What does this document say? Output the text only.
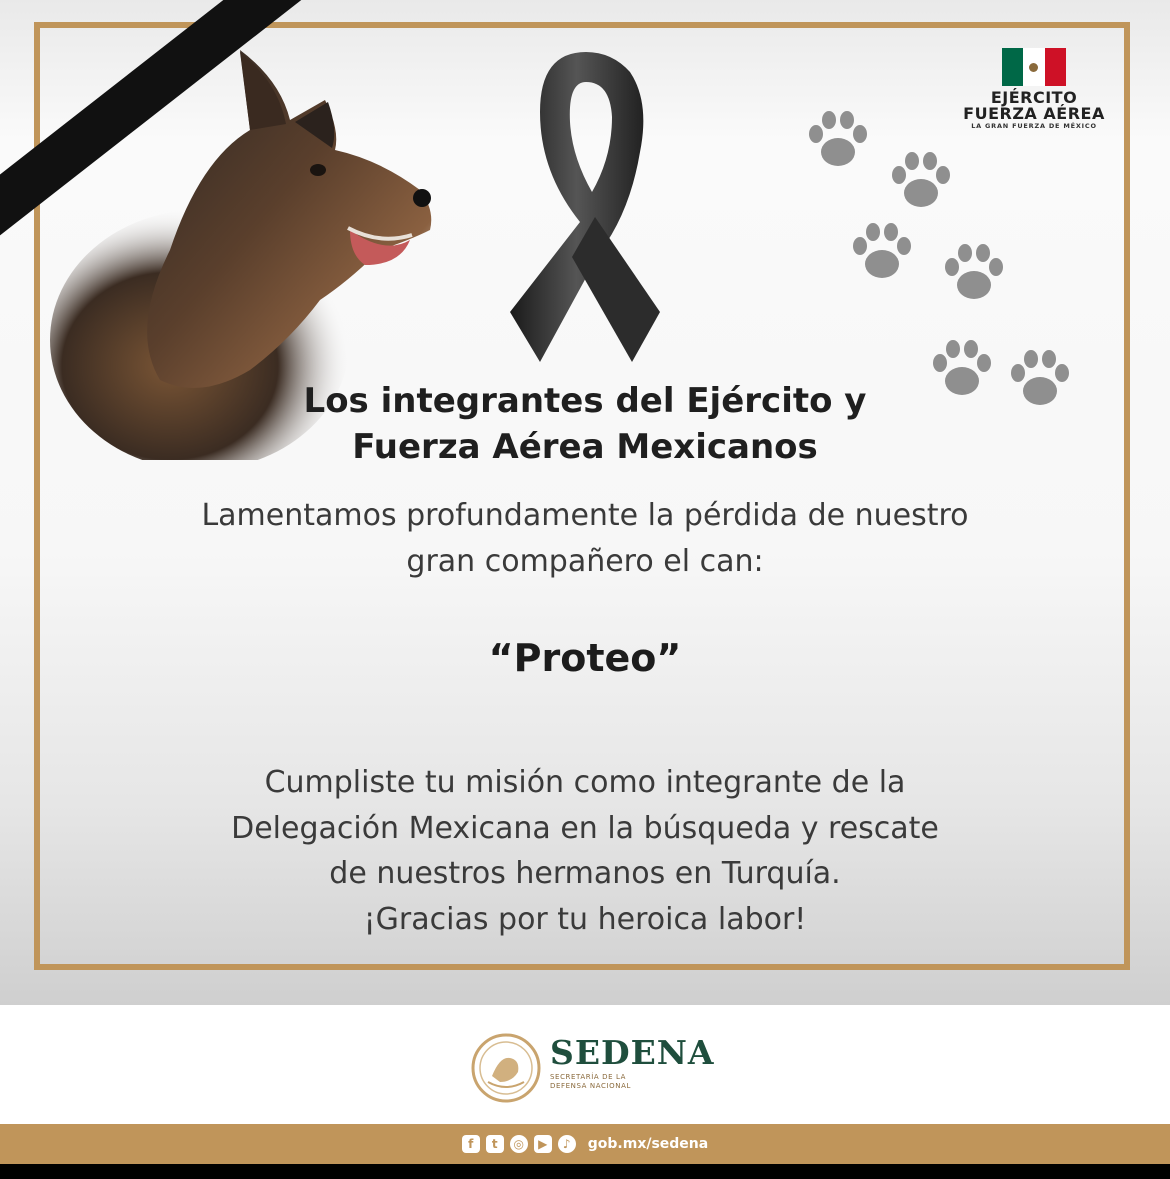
EJÉRCITO
FUERZA AÉREA
LA GRAN FUERZA DE MÉXICO
Los integrantes del Ejército y
Fuerza Aérea Mexicanos
Lamentamos profundamente la pérdida de nuestro
gran compañero el can:
“Proteo”
Cumpliste tu misión como integrante de la
Delegación Mexicana en la búsqueda y rescate
de nuestros hermanos en Turquía.
¡Gracias por tu heroica labor!
SEDENA
SECRETARÍA DE LA
DEFENSA NACIONAL
f	t	◎	▶	♪	gob.mx/sedena
